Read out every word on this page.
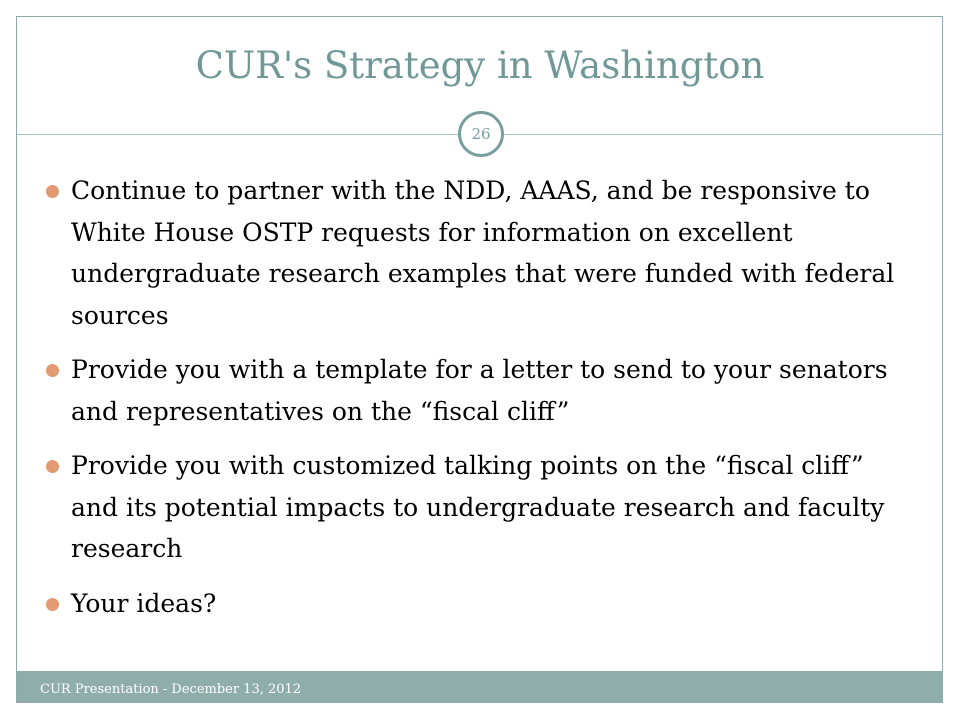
CUR's Strategy in Washington
26
Continue to partner with the NDD, AAAS, and be responsive to White House OSTP requests for information on excellent undergraduate research examples that were funded with federal sources
Provide you with a template for a letter to send to your senators and representatives on the “fiscal cliff”
Provide you with customized talking points on the “fiscal cliff” and its potential impacts to undergraduate research and faculty research
Your ideas?
CUR Presentation - December 13, 2012
